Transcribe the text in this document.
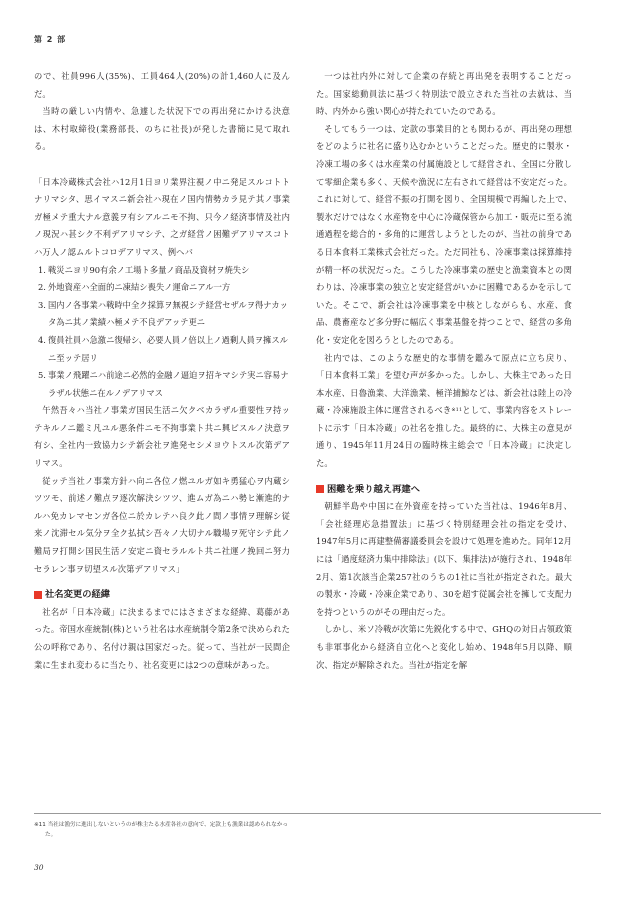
第 2 部

ので、社員996人(35%)、工員464人(20%)の計1,460人に及んだ。

当時の厳しい内情や、急遽した状況下での再出発にかける決意は、木村取締役(業務部長、のちに社長)が発した書簡に見て取れる。

「日本冷蔵株式会社ハ12月1日ヨリ業界注視ノ中ニ発足スルコトトナリマシタ、思イマスニ新会社ハ現在ノ国内情勢カラ見テ其ノ事業ガ極メテ重大ナル意義ヲ有シアルニモ不拘、只今ノ経済事情及社内ノ現況ハ甚シク不利デアリマシテ、之ガ経営ノ困難デアリマスコトハ万人ノ認ムルトコロデアリマス、例ヘバ

1. 戦災ニヨリ90有余ノ工場ト多量ノ商品及資材ヲ焼失シ
2. 外地資産ハ全面的ニ凍結シ喪失ノ運命ニアル一方
3. 国内ノ各事業ハ戦時中全ク採算ヲ無視シテ経営セザルヲ得ナカッタ為ニ其ノ業績ハ極メテ不良デアッテ更ニ
4. 復員社員ハ急激ニ復帰シ、必要人員ノ倍以上ノ過剰人員ヲ擁スルニ至ッテ居リ
5. 事業ノ飛躍ニハ前途ニ必然的金融ノ逼迫ヲ招キマシテ実ニ容易ナラザル状態ニ在ルノデアリマス

午然吾々ハ当社ノ事業ガ国民生活ニ欠クベカラザル重要性ヲ持ッテキルノニ鑑ミ凡ユル悪条件ニモ不拘事業ト共ニ興ビスルノ決意ヲ有シ、全社内一致協力シテ新会社ヲ進発セシメヨウトスル次第デアリマス。

従ッテ当社ノ事業方針ハ向ニ各位ノ燃ユルガ如キ勇猛心ヲ内蔵シツツモ、前述ノ難点ヲ逐次解決シツツ、進ムガ為ニハ勢ヒ漸進的ナルハ免カレマセンガ各位ニ於カレテハ良ク此ノ間ノ事情ヲ理解シ従来ノ沈滞セル気分ヲ全ク払拭シ吾々ノ大切ナル職場ヲ死守シテ此ノ難局ヲ打開シ国民生活ノ安定ニ資セラルルト共ニ社運ノ挽回ニ努力セラレン事ヲ切望スル次第デアリマス」

社名変更の経緯

社名が「日本冷蔵」に決まるまでにはさまざまな経緯、葛藤があった。帝国水産統制(株)という社名は水産統制令第2条で決められた公の呼称であり、名付け親は国家だった。従って、当社が一民間企業に生まれ変わるに当たり、社名変更には2つの意味があった。

一つは社内外に対して企業の存続と再出発を表明することだった。国家総動員法に基づく特別法で設立された当社の去就は、当時、内外から強い関心が持たれていたのである。

そしてもう一つは、定款の事業目的とも関わるが、再出発の理想をどのように社名に盛り込むかということだった。歴史的に製氷・冷凍工場の多くは水産業の付属施設として経営され、全国に分散して零細企業も多く、天候や漁況に左右されて経営は不安定だった。これに対して、経営不振の打開を図り、全国規模で再編した上で、製氷だけではなく水産物を中心に冷蔵保管から加工・販売に至る流通過程を総合的・多角的に運営しようとしたのが、当社の前身である日本食料工業株式会社だった。ただ同社も、冷凍事業は採算維持が精一杯の状況だった。こうした冷凍事業の歴史と漁業資本との関わりは、冷凍事業の独立と安定経営がいかに困難であるかを示していた。そこで、新会社は冷凍事業を中核としながらも、水産、食品、農畜産など多分野に幅広く事業基盤を持つことで、経営の多角化・安定化を図ろうとしたのである。

社内では、このような歴史的な事情を鑑みて原点に立ち戻り、「日本食料工業」を望む声が多かった。しかし、大株主であった日本水産、日魯漁業、大洋漁業、極洋捕鯨などは、新会社は陸上の冷蔵・冷凍施設主体に運営されるべき$^{※11}$として、事業内容をストレートに示す「日本冷蔵」の社名を推した。最終的に、大株主の意見が通り、1945年11月24日の臨時株主総会で「日本冷蔵」に決定した。

困難を乗り越え再建へ

朝鮮半島や中国に在外資産を持っていた当社は、1946年8月、「会社経理応急措置法」に基づく特別経理会社の指定を受け、1947年5月に再建整備審議委員会を設けて処理を進めた。同年12月には「過度経済力集中排除法」(以下、集排法)が施行され、1948年2月、第1次該当企業257社のうちの1社に当社が指定された。最大の製氷・冷蔵・冷凍企業であり、30を超す従属会社を擁して支配力を持つというのがその理由だった。

しかし、米ソ冷戦が次第に先鋭化する中で、GHQの対日占領政策も非軍事化から経済自立化へと変化し始め、1948年5月以降、順次、指定が解除された。当社が指定を解

※11 当社は漁労に進出しないというのが株主たる水産各社の意向で、定款上も漁業は認められなかった。
30
